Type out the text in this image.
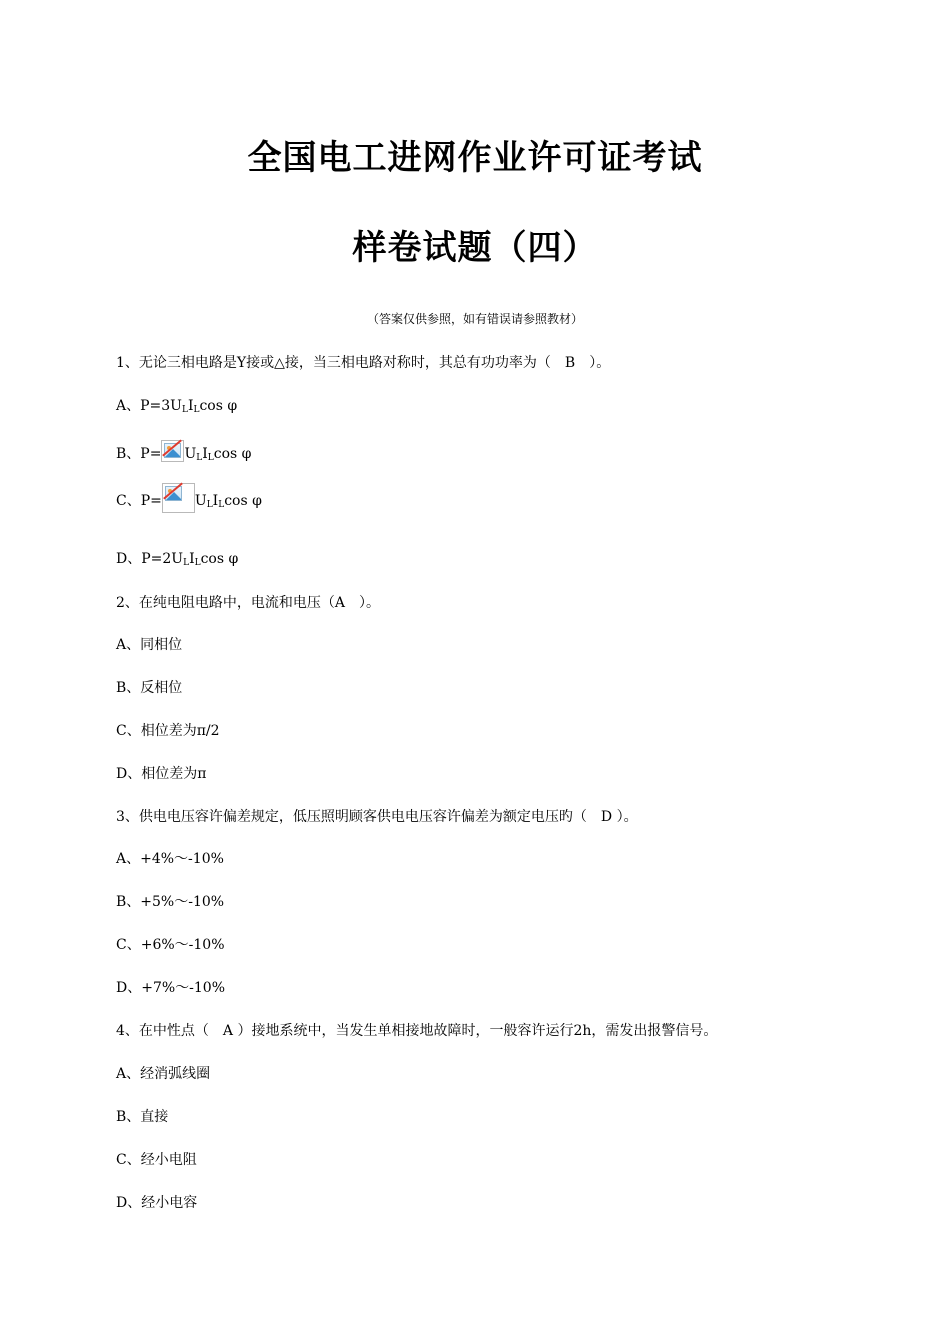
全国电工进网作业许可证考试
样卷试题（四）
（答案仅供参照，如有错误请参照教材）
1、无论三相电路是Y接或△接，当三相电路对称时，其总有功功率为（　B　）。
A、$P=3U_LI_L\cos$ φ
B、$P= U_LI_L\cos$ φ
C、$P= U_LI_L\cos$ φ
D、$P=2U_LI_L\cos$ φ
2、在纯电阻电路中，电流和电压（A　）。
A、同相位
B、反相位
C、相位差为π/2
D、相位差为π
3、供电电压容许偏差规定，低压照明顾客供电电压容许偏差为额定电压旳（　D ）。
A、+4%～-10%
B、+5%～-10%
C、+6%～-10%
D、+7%～-10%
4、在中性点（　A ）接地系统中，当发生单相接地故障时，一般容许运行2h，需发出报警信号。
A、经消弧线圈
B、直接
C、经小电阻
D、经小电容
